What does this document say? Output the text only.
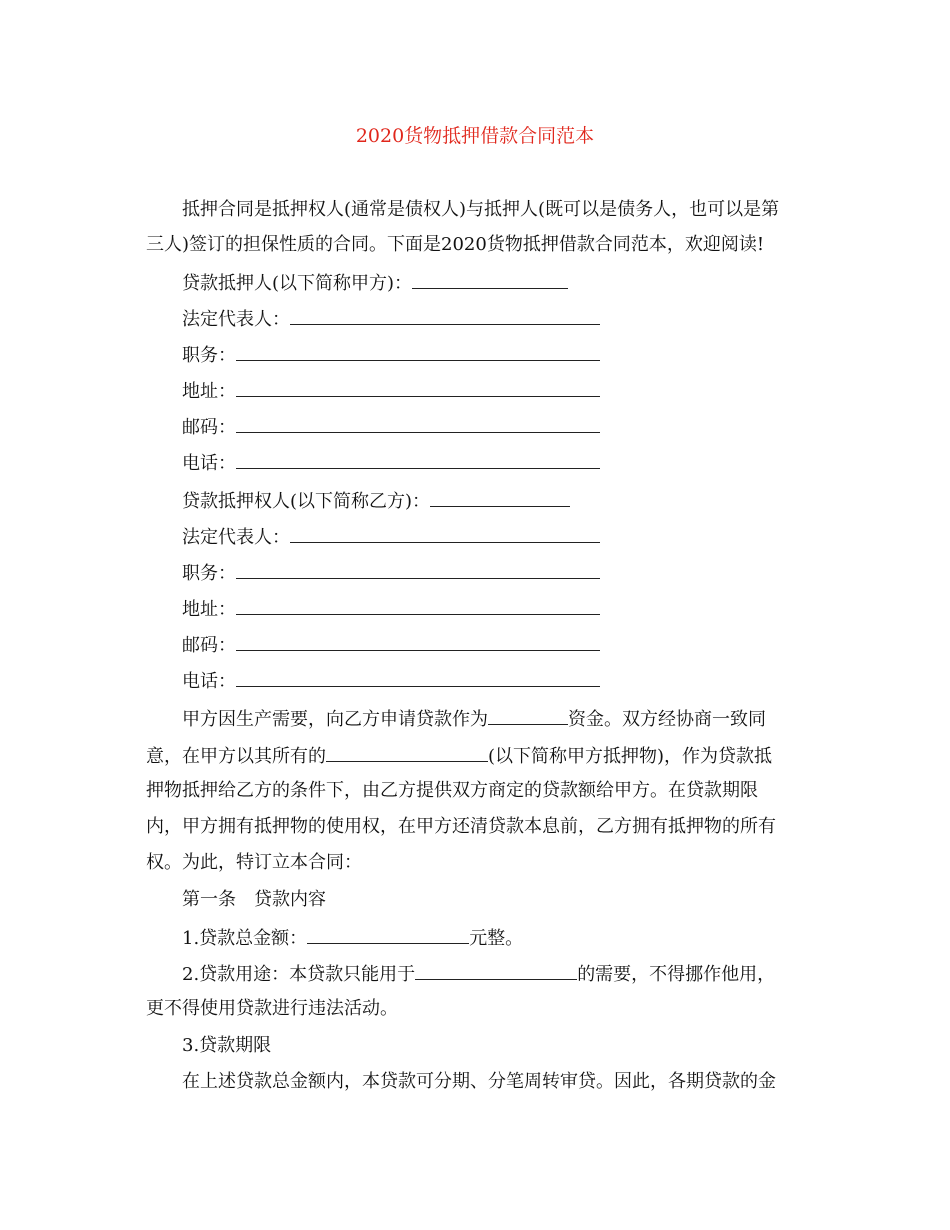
2020货物抵押借款合同范本
抵押合同是抵押权人(通常是债权人)与抵押人(既可以是债务人，也可以是第
三人)签订的担保性质的合同。下面是2020货物抵押借款合同范本，欢迎阅读!
贷款抵押人(以下简称甲方)：
法定代表人：
职务：
地址：
邮码：
电话：
贷款抵押权人(以下简称乙方)：
法定代表人：
职务：
地址：
邮码：
电话：
甲方因生产需要，向乙方申请贷款作为	资金。双方经协商一致同
意，在甲方以其所有的	(以下简称甲方抵押物)，作为贷款抵
押物抵押给乙方的条件下，由乙方提供双方商定的贷款额给甲方。在贷款期限
内，甲方拥有抵押物的使用权，在甲方还清贷款本息前，乙方拥有抵押物的所有
权。为此，特订立本合同：
第一条　贷款内容
1.贷款总金额：	元整。
2.贷款用途：本贷款只能用于	的需要，不得挪作他用，
更不得使用贷款进行违法活动。
3.贷款期限
在上述贷款总金额内，本贷款可分期、分笔周转审贷。因此，各期贷款的金
